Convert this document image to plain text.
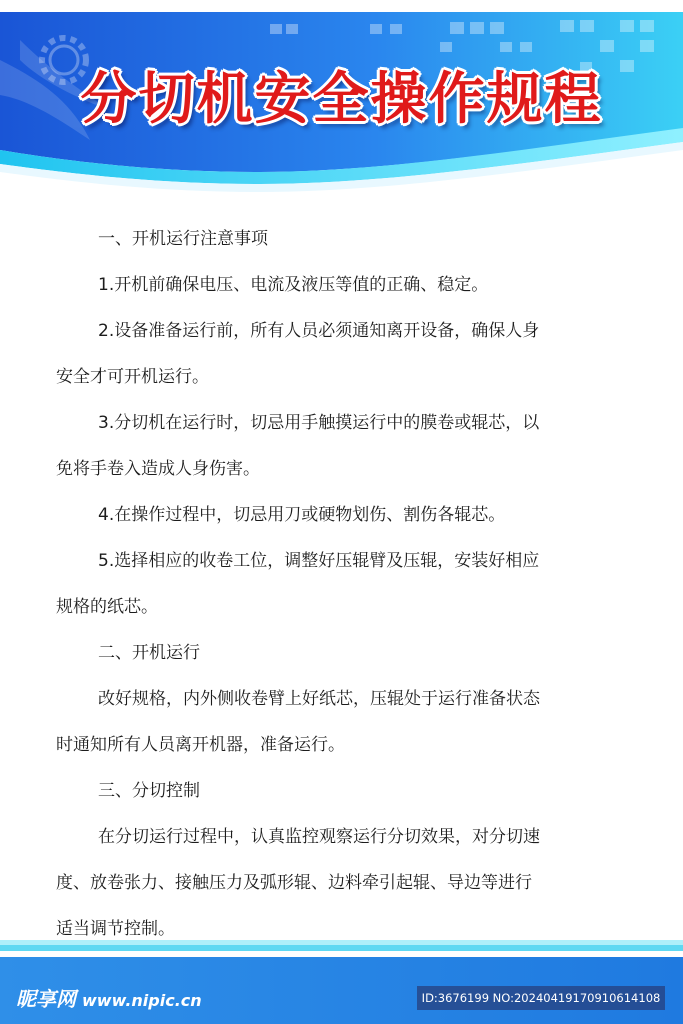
分切机安全操作规程
一、开机运行注意事项
1.开机前确保电压、电流及液压等值的正确、稳定。
2.设备准备运行前，所有人员必须通知离开设备，确保人身
安全才可开机运行。
3.分切机在运行时，切忌用手触摸运行中的膜卷或辊芯，以
免将手卷入造成人身伤害。
4.在操作过程中，切忌用刀或硬物划伤、割伤各辊芯。
5.选择相应的收卷工位，调整好压辊臂及压辊，安装好相应
规格的纸芯。
二、开机运行
改好规格，内外侧收卷臂上好纸芯，压辊处于运行准备状态
时通知所有人员离开机器，准备运行。
三、分切控制
在分切运行过程中，认真监控观察运行分切效果，对分切速
度、放卷张力、接触压力及弧形辊、边料牵引起辊、导边等进行
适当调节控制。
昵享网 www.nipic.cn	ID:3676199 NO:20240419170910614108
